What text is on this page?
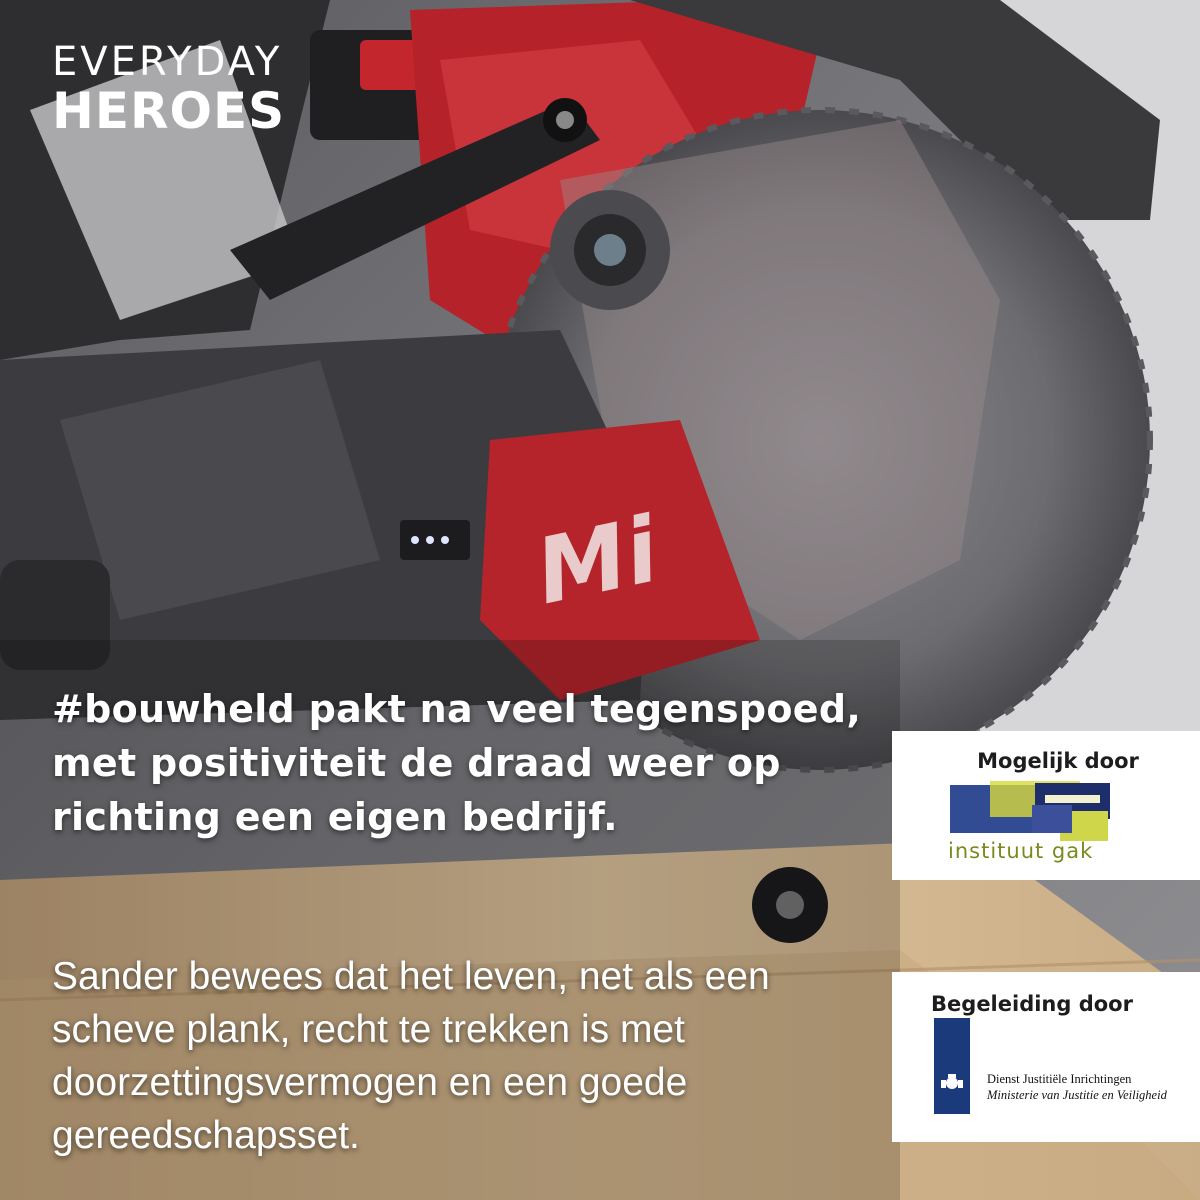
Mi
EVERYDAY
HEROES
#bouwheld pakt na veel tegenspoed, met positiviteit de draad weer op richting een eigen bedrijf.
Sander bewees dat het leven, net als een scheve plank, recht te trekken is met doorzettingsvermogen en een goede gereedschapsset.
Mogelijk door
instituut gak
Begeleiding door
Dienst Justitiële Inrichtingen
Ministerie van Justitie en Veiligheid
